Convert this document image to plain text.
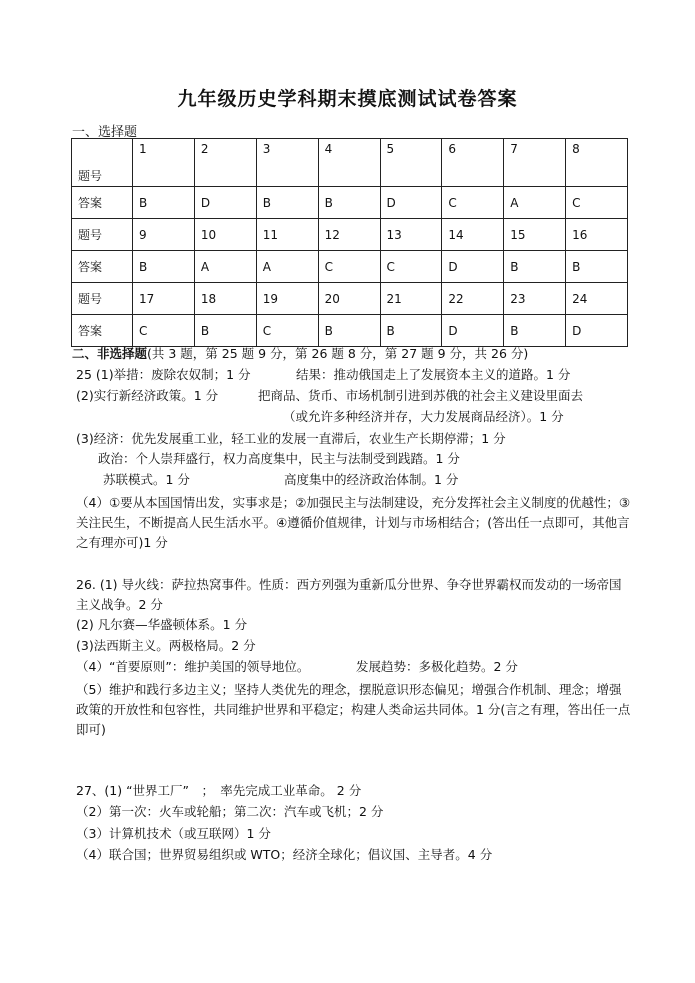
九年级历史学科期末摸底测试试卷答案
一、选择题
题号	1	2	3	4	5	6	7	8
答案	B	D	B	B	D	C	A	C
题号	9	10	11	12	13	14	15	16
答案	B	A	A	C	C	D	B	B
题号	17	18	19	20	21	22	23	24
答案	C	B	C	B	B	D	B	D
二、非选择题(共 3 题，第 25 题 9 分，第 26 题 8 分，第 27 题 9 分，共 26 分)
25 (1)举措：废除农奴制；1 分	结果：推动俄国走上了发展资本主义的道路。1 分
(2)实行新经济政策。1 分	把商品、货币、市场机制引进到苏俄的社会主义建设里面去
（或允许多种经济并存，大力发展商品经济）。1 分
(3)经济：优先发展重工业，轻工业的发展一直滞后，农业生产长期停滞；1 分
政治：个人崇拜盛行，权力高度集中，民主与法制受到践踏。1 分
苏联模式。1 分	高度集中的经济政治体制。1 分
（4）①要从本国国情出发，实事求是；②加强民主与法制建设，充分发挥社会主义制度的优越性；③关注民生，不断提高人民生活水平。④遵循价值规律，计划与市场相结合；(答出任一点即可，其他言之有理亦可)1 分
26. (1) 导火线：萨拉热窝事件。性质：西方列强为重新瓜分世界、争夺世界霸权而发动的一场帝国主义战争。2 分
(2) 凡尔赛—华盛顿体系。1 分
(3)法西斯主义。两极格局。2 分
（4）“首要原则”：维护美国的领导地位。	发展趋势：多极化趋势。2 分
（5）维护和践行多边主义；坚持人类优先的理念，摆脱意识形态偏见；增强合作机制、理念；增强政策的开放性和包容性，共同维护世界和平稳定；构建人类命运共同体。1 分(言之有理，答出任一点即可)
27、(1) “世界工厂”　；　率先完成工业革命。 2 分
（2）第一次：火车或轮船；第二次：汽车或飞机；2 分
（3）计算机技术（或互联网）1 分
（4）联合国；世界贸易组织或 WTO；经济全球化；倡议国、主导者。4 分
